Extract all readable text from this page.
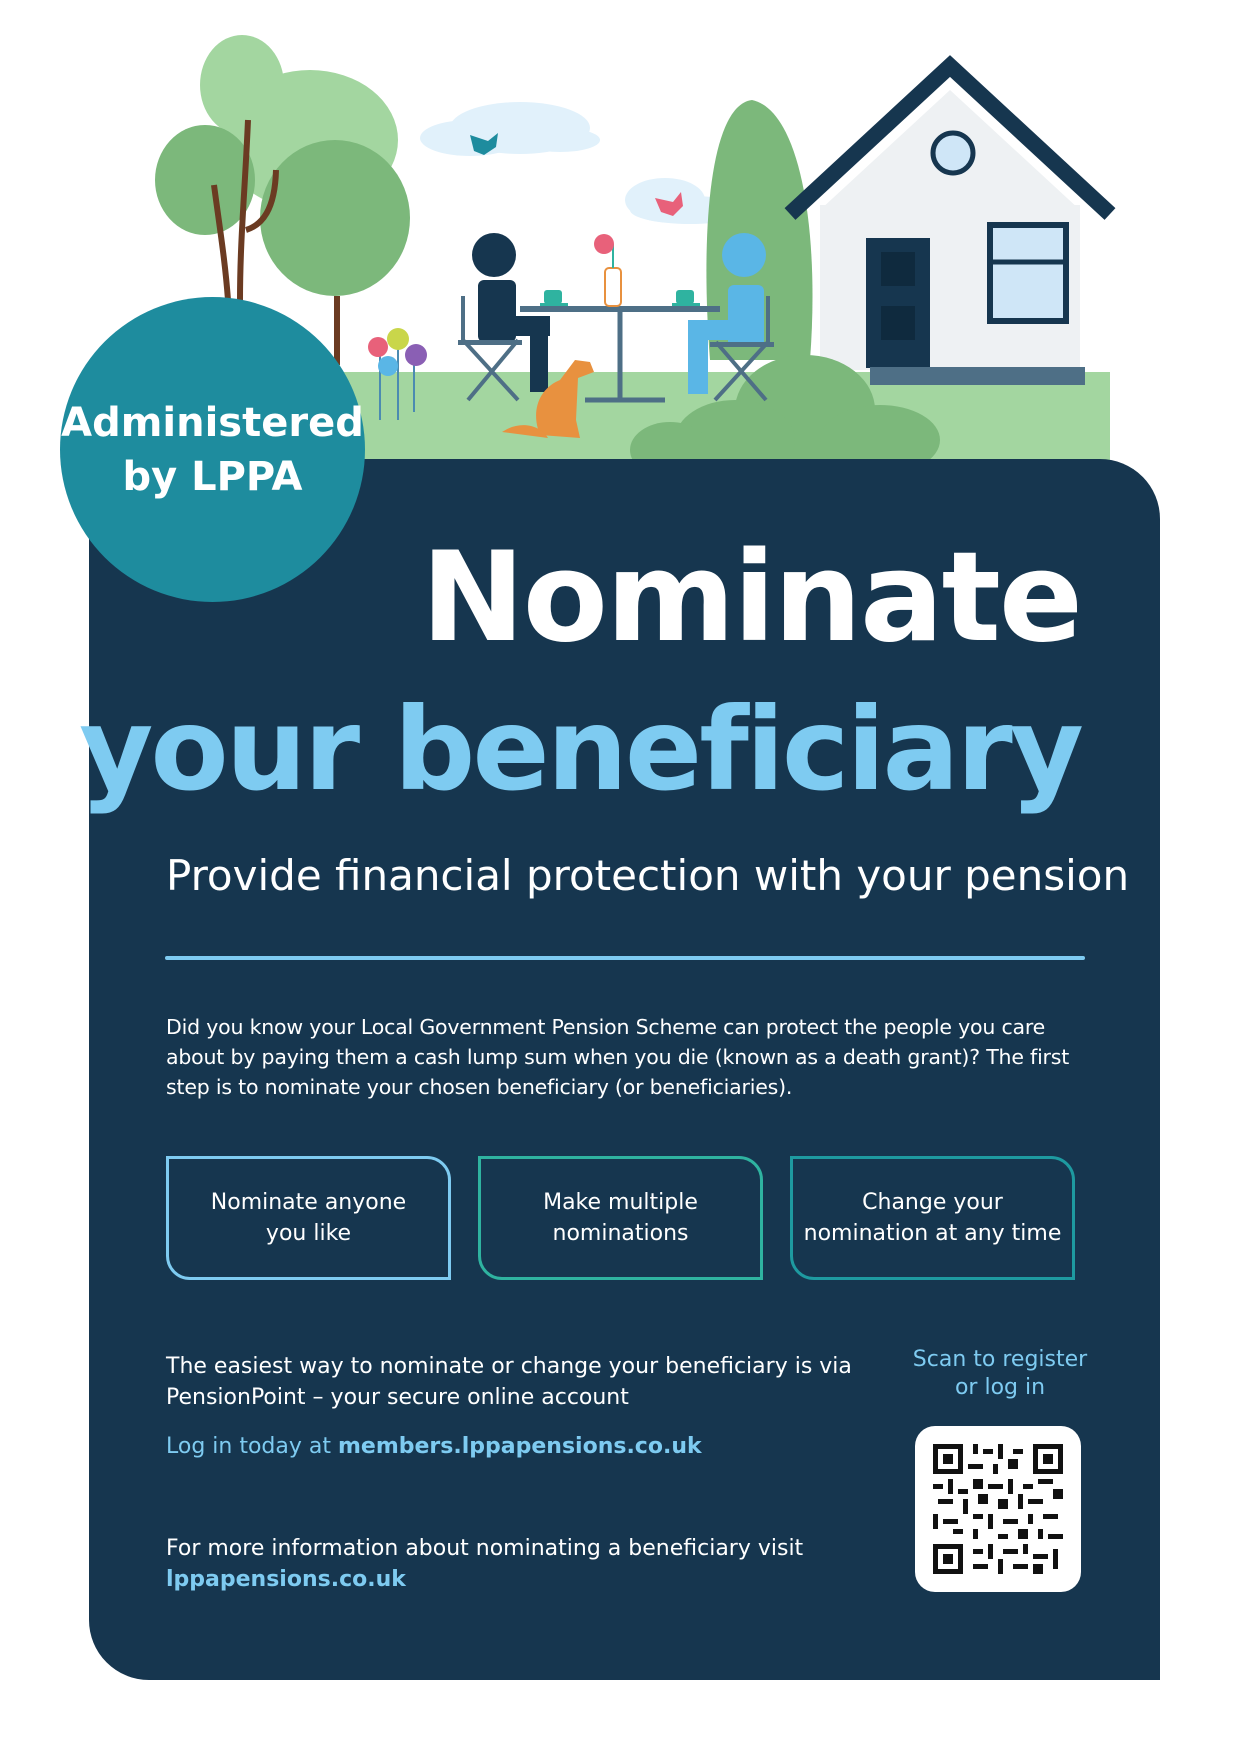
Administered
by LPPA
Nominate
your beneficiary
Provide financial protection with your pension
Did you know your Local Government Pension Scheme can protect the people you care about by paying them a cash lump sum when you die (known as a death grant)? The first step is to nominate your chosen beneficiary (or beneficiaries).
Nominate anyone
you like
Make multiple
nominations
Change your
nomination at any time
The easiest way to nominate or change your beneficiary is via PensionPoint – your secure online account
Log in today at members.lppapensions.co.uk
For more information about nominating a beneficiary visit lppapensions.co.uk
Scan to register
or log in
